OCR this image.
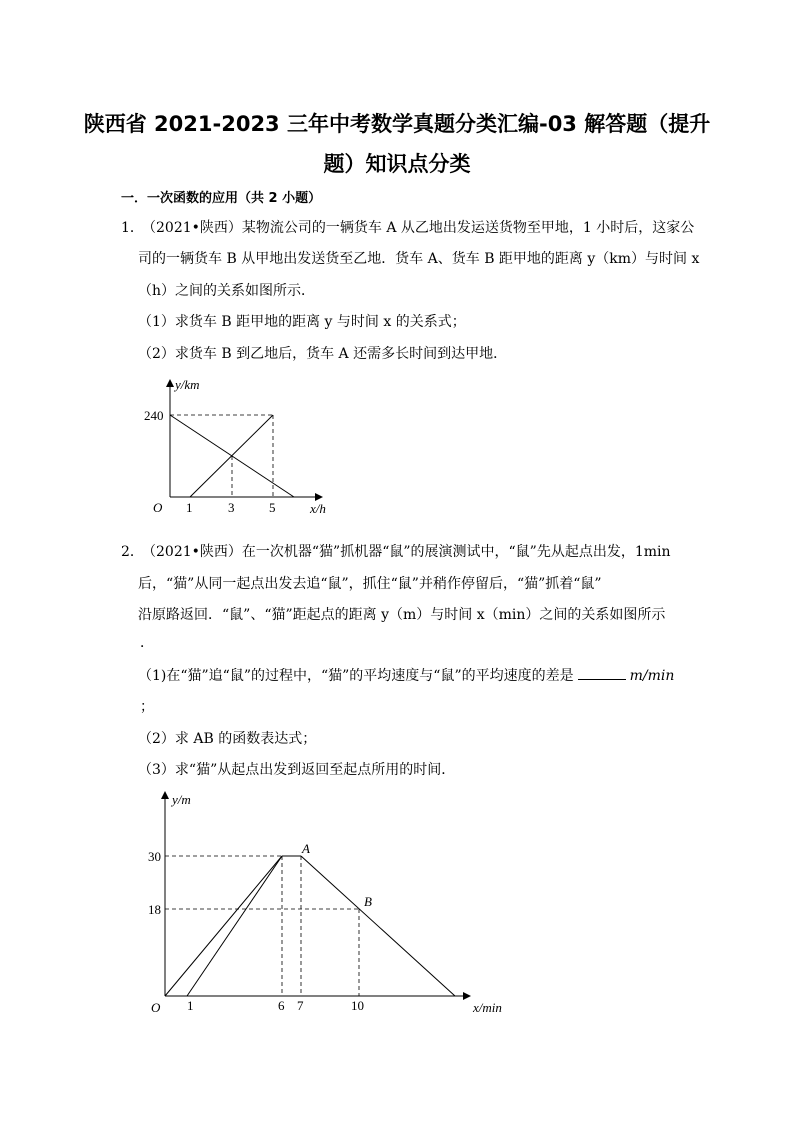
陕西省 2021-2023 三年中考数学真题分类汇编-03 解答题（提升
题）知识点分类
一．一次函数的应用（共 2 小题）
1．
（2021•陕西）某物流公司的一辆货车 A 从乙地出发运送货物至甲地，1 小时后，这家公
司的一辆货车 B 从甲地出发送货至乙地．货车 A、货车 B 距甲地的距离 y（km）与时间 x
（h）之间的关系如图所示．
（1）求货车 B 距甲地的距离 y 与时间 x 的关系式；
（2）求货车 B 到乙地后，货车 A 还需多长时间到达甲地．
y/km
240
O 1	3	5	x/h
2．
（2021•陕西）在一次机器“猫”抓机器“鼠”的展演测试中，“鼠”先从起点出发，1min
后，“猫”从同一起点出发去追“鼠”，抓住“鼠”并稍作停留后，“猫”抓着“鼠”
沿原路返回．“鼠”、“猫”距起点的距离 y（m）与时间 x（min）之间的关系如图所示
．
（1)在“猫”追“鼠”的过程中，“猫”的平均速度与“鼠”的平均速度的差是	m/min
；
（2）求 AB 的函数表达式；
（3）求“猫”从起点出发到返回至起点所用的时间．
y/m
30
18
O 1	6 7	10
A
B
x/min
